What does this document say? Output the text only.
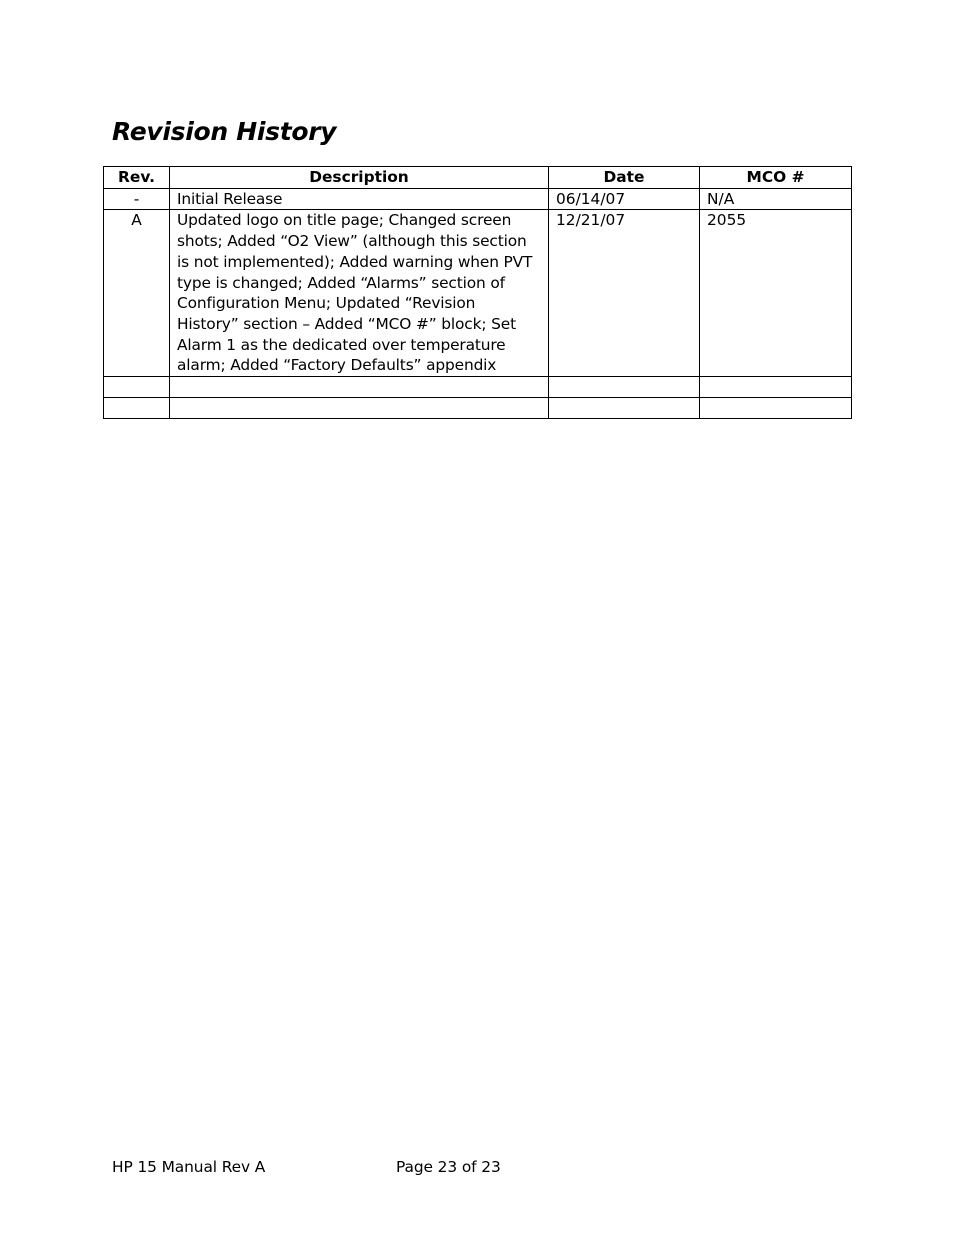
Revision History
Rev.	Description	Date	MCO #
-	Initial Release	06/14/07	N/A
A	Updated logo on title page; Changed screen shots; Added “O2 View” (although this section is not implemented); Added warning when PVT type is changed; Added “Alarms” section of Configuration Menu; Updated “Revision History” section – Added “MCO #” block; Set Alarm 1 as the dedicated over temperature alarm; Added “Factory Defaults” appendix	12/21/07	2055

HP 15 Manual Rev A	Page 23 of 23
